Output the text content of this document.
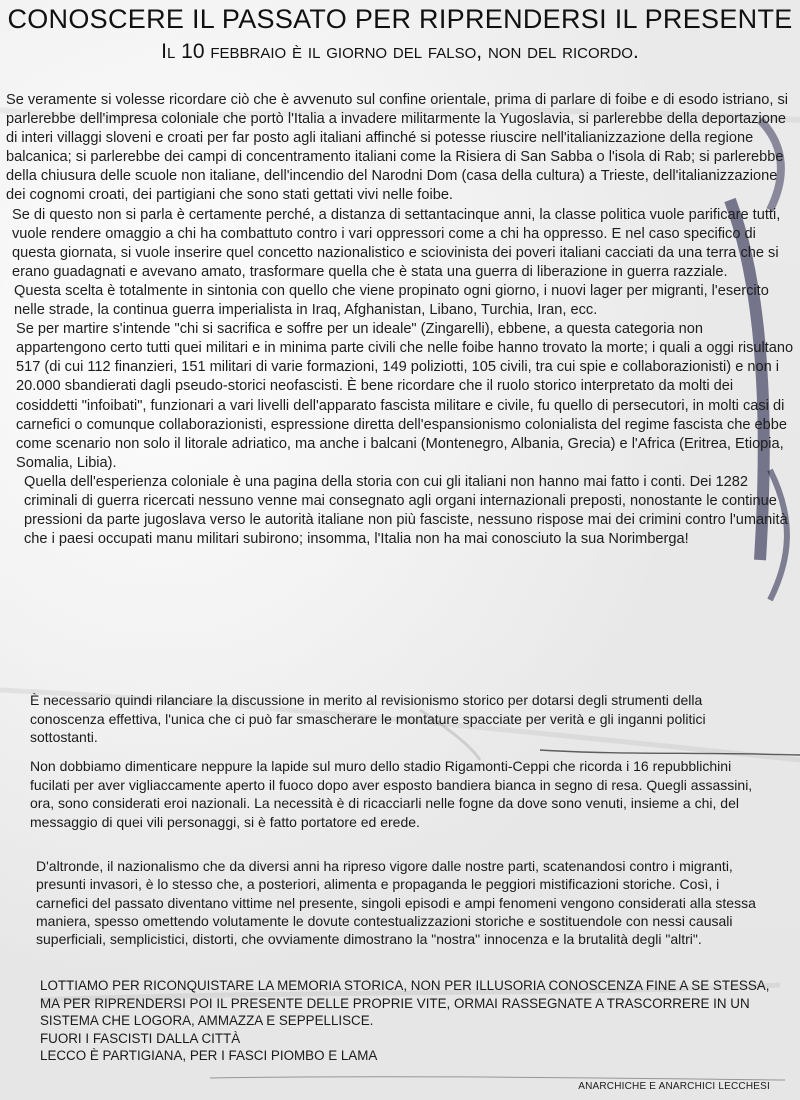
CONOSCERE IL PASSATO PER RIPRENDERSI IL PRESENTE
Il 10 febbraio è il giorno del falso, non del ricordo.

Se veramente si volesse ricordare ciò che è avvenuto sul confine orientale, prima di parlare di foibe e di esodo istriano, si parlerebbe dell'impresa coloniale che portò l'Italia a invadere militarmente la Yugoslavia, si parlerebbe della deportazione di interi villaggi sloveni e croati per far posto agli italiani affinché si potesse riuscire nell'italianizzazione della regione balcanica; si parlerebbe dei campi di concentramento italiani come la Risiera di San Sabba o l'isola di Rab; si parlerebbe della chiusura delle scuole non italiane, dell'incendio del Narodni Dom (casa della cultura) a Trieste, dell'italianizzazione dei cognomi croati, dei partigiani che sono stati gettati vivi nelle foibe.

Se di questo non si parla è certamente perché, a distanza di settantacinque anni, la classe politica vuole parificare tutti, vuole rendere omaggio a chi ha combattuto contro i vari oppressori come a chi ha oppresso. E nel caso specifico di questa giornata, si vuole inserire quel concetto nazionalistico e sciovinista dei poveri italiani cacciati da una terra che si erano guadagnati e avevano amato, trasformare quella che è stata una guerra di liberazione in guerra razziale.

Questa scelta è totalmente in sintonia con quello che viene propinato ogni giorno, i nuovi lager per migranti, l'esercito nelle strade, la continua guerra imperialista in Iraq, Afghanistan, Libano, Turchia, Iran, ecc.

Se per martire s'intende "chi si sacrifica e soffre per un ideale" (Zingarelli), ebbene, a questa categoria non appartengono certo tutti quei militari e in minima parte civili che nelle foibe hanno trovato la morte; i quali a oggi risultano 517 (di cui 112 finanzieri, 151 militari di varie formazioni, 149 poliziotti, 105 civili, tra cui spie e collaborazionisti) e non i 20.000 sbandierati dagli pseudo-storici neofascisti. È bene ricordare che il ruolo storico interpretato da molti dei cosiddetti "infoibati", funzionari a vari livelli dell'apparato fascista militare e civile, fu quello di persecutori, in molti casi di carnefici o comunque collaborazionisti, espressione diretta dell'espansionismo colonialista del regime fascista che ebbe come scenario non solo il litorale adriatico, ma anche i balcani (Montenegro, Albania, Grecia) e l'Africa (Eritrea, Etiopia, Somalia, Libia).

Quella dell'esperienza coloniale è una pagina della storia con cui gli italiani non hanno mai fatto i conti. Dei 1282 criminali di guerra ricercati nessuno venne mai consegnato agli organi internazionali preposti, nonostante le continue pressioni da parte jugoslava verso le autorità italiane non più fasciste, nessuno rispose mai dei crimini contro l'umanità che i paesi occupati manu militari subirono; insomma, l'Italia non ha mai conosciuto la sua Norimberga!

È necessario quindi rilanciare la discussione in merito al revisionismo storico per dotarsi degli strumenti della conoscenza effettiva, l'unica che ci può far smascherare le montature spacciate per verità e gli inganni politici sottostanti.

Non dobbiamo dimenticare neppure la lapide sul muro dello stadio Rigamonti-Ceppi che ricorda i 16 repubblichini fucilati per aver vigliaccamente aperto il fuoco dopo aver esposto bandiera bianca in segno di resa. Quegli assassini, ora, sono considerati eroi nazionali. La necessità è di ricacciarli nelle fogne da dove sono venuti, insieme a chi, del messaggio di quei vili personaggi, si è fatto portatore ed erede.

D'altronde, il nazionalismo che da diversi anni ha ripreso vigore dalle nostre parti, scatenandosi contro i migranti, presunti invasori, è lo stesso che, a posteriori, alimenta e propaganda le peggiori mistificazioni storiche. Così, i carnefici del passato diventano vittime nel presente, singoli episodi e ampi fenomeni vengono considerati alla stessa maniera, spesso omettendo volutamente le dovute contestualizzazioni storiche e sostituendole con nessi causali superficiali, semplicistici, distorti, che ovviamente dimostrano la "nostra" innocenza e la brutalità degli "altri".

LOTTIAMO PER RICONQUISTARE LA MEMORIA STORICA, NON PER ILLUSORIA CONOSCENZA FINE A SE STESSA, MA PER RIPRENDERSI POI IL PRESENTE DELLE PROPRIE VITE, ORMAI RASSEGNATE A TRASCORRERE IN UN SISTEMA CHE LOGORA, AMMAZZA E SEPPELLISCE.
FUORI I FASCISTI DALLA CITTÀ
LECCO È PARTIGIANA, PER I FASCI PIOMBO E LAMA
ANARCHICHE E ANARCHICI LECCHESI
